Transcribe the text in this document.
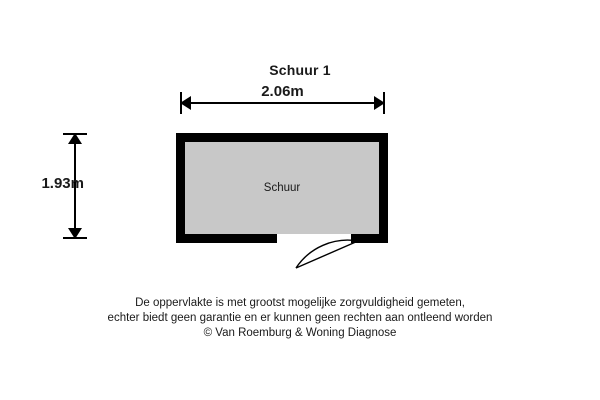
Schuur 1
2.06m
1.93m	Schuur
De oppervlakte is met grootst mogelijke zorgvuldigheid gemeten,
echter biedt geen garantie en er kunnen geen rechten aan ontleend worden
© Van Roemburg & Woning Diagnose
